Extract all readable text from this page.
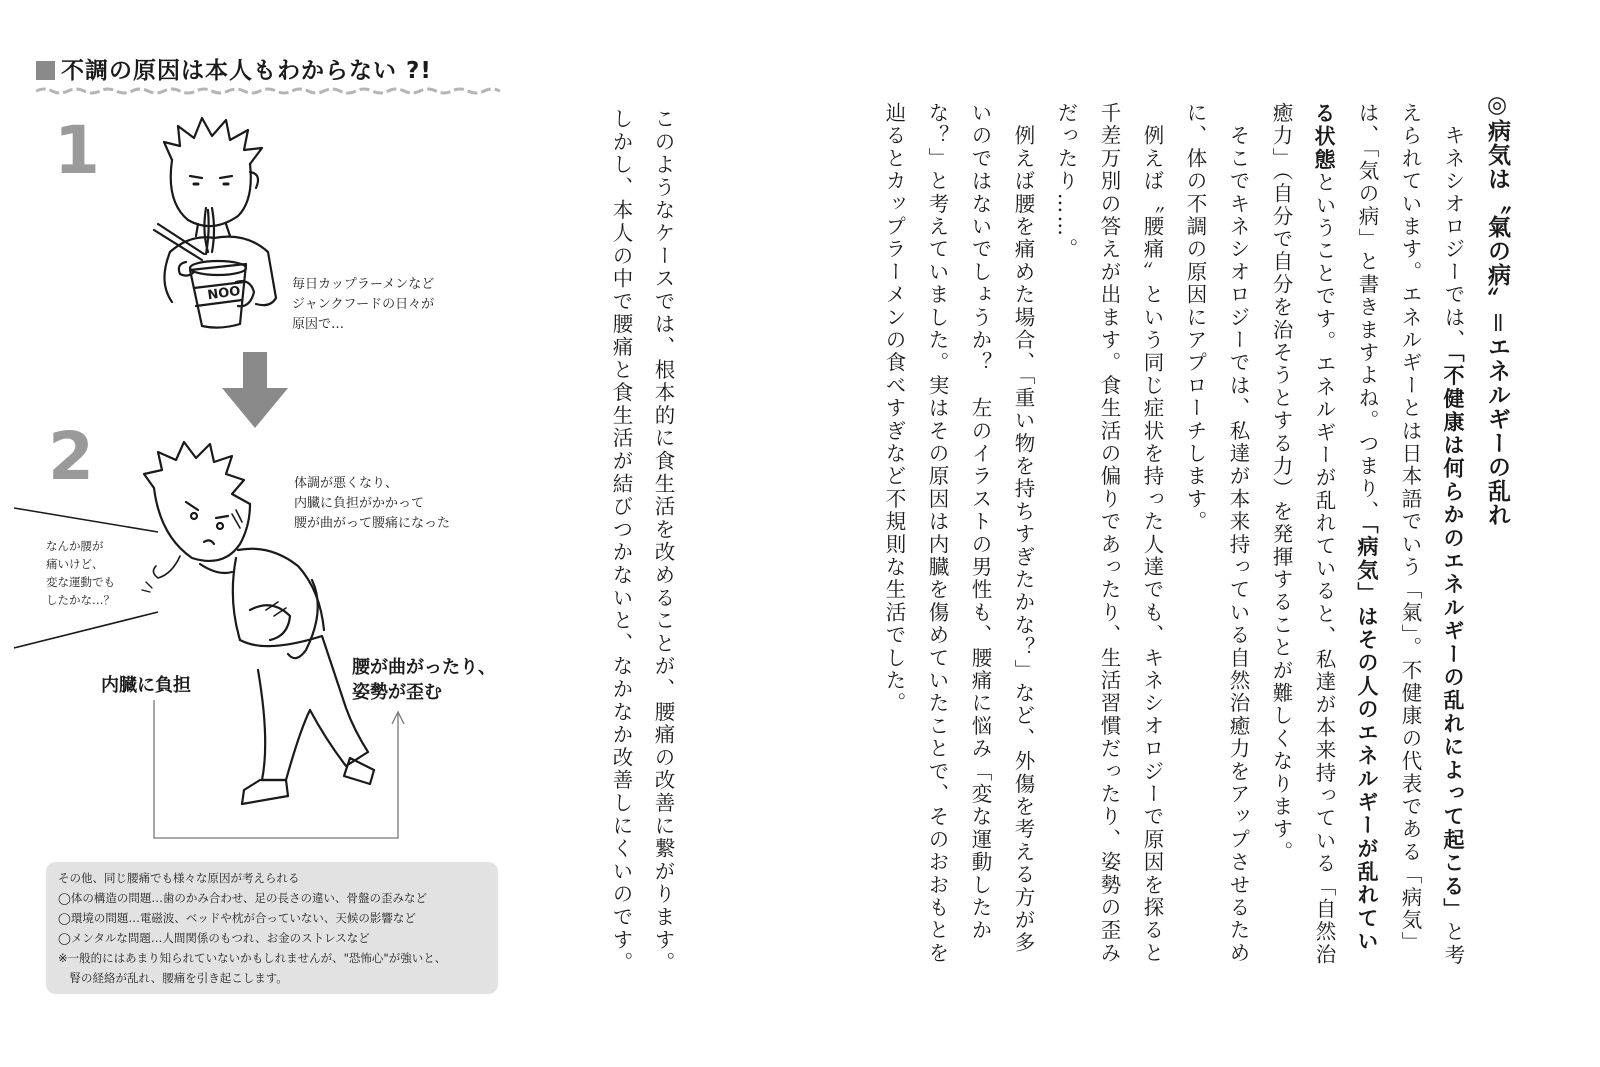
不調の原因は本人もわからない ?!
1
NOO	毎日カップラーメンなど
ジャンクフードの日々が
原因で…
2	体調が悪くなり、
内臓に負担がかかって
腰が曲がって腰痛になった
なんか腰が
痛いけど、
変な運動でも
したかな…？
内臓に負担
腰が曲がったり、
姿勢が歪む
その他、同じ腰痛でも様々な原因が考えられる
◯体の構造の問題…歯のかみ合わせ、足の長さの違い、骨盤の歪みなど
◯環境の問題…電磁波、ベッドや枕が合っていない、天候の影響など
◯メンタルな問題…人間関係のもつれ、お金のストレスなど
※一般的にはあまり知られていないかもしれませんが、"恐怖心"が強いと、
　腎の経絡が乱れ、腰痛を引き起こします。

このようなケースでは、根本的に食生活を改めることが、腰痛の改善に繋がります。

しかし、本人の中で腰痛と食生活が結びつかないと、なかなか改善しにくいのです。	◎病気は〝氣の病〟＝エネルギーの乱れ

　キネシオロジーでは、「不健康は何らかのエネルギーの乱れによって起こる」と考えられています。エネルギーとは日本語でいう「氣」。不健康の代表である「病気」は、「気の病」と書きますよね。つまり、「病気」はその人のエネルギーが乱れている状態ということです。エネルギーが乱れていると、私達が本来持っている「自然治癒力」（自分で自分を治そうとする力）を発揮することが難しくなります。

　そこでキネシオロジーでは、私達が本来持っている自然治癒力をアップさせるために、体の不調の原因にアプローチします。

　例えば〝腰痛〟という同じ症状を持った人達でも、キネシオロジーで原因を探ると千差万別の答えが出ます。食生活の偏りであったり、生活習慣だったり、姿勢の歪みだったり……。

　例えば腰を痛めた場合、「重い物を持ちすぎたかな？」など、外傷を考える方が多いのではないでしょうか？　左のイラストの男性も、腰痛に悩み「変な運動したかな？」と考えていました。実はその原因は内臓を傷めていたことで、そのおおもとを辿るとカップラーメンの食べすぎなど不規則な生活でした。
